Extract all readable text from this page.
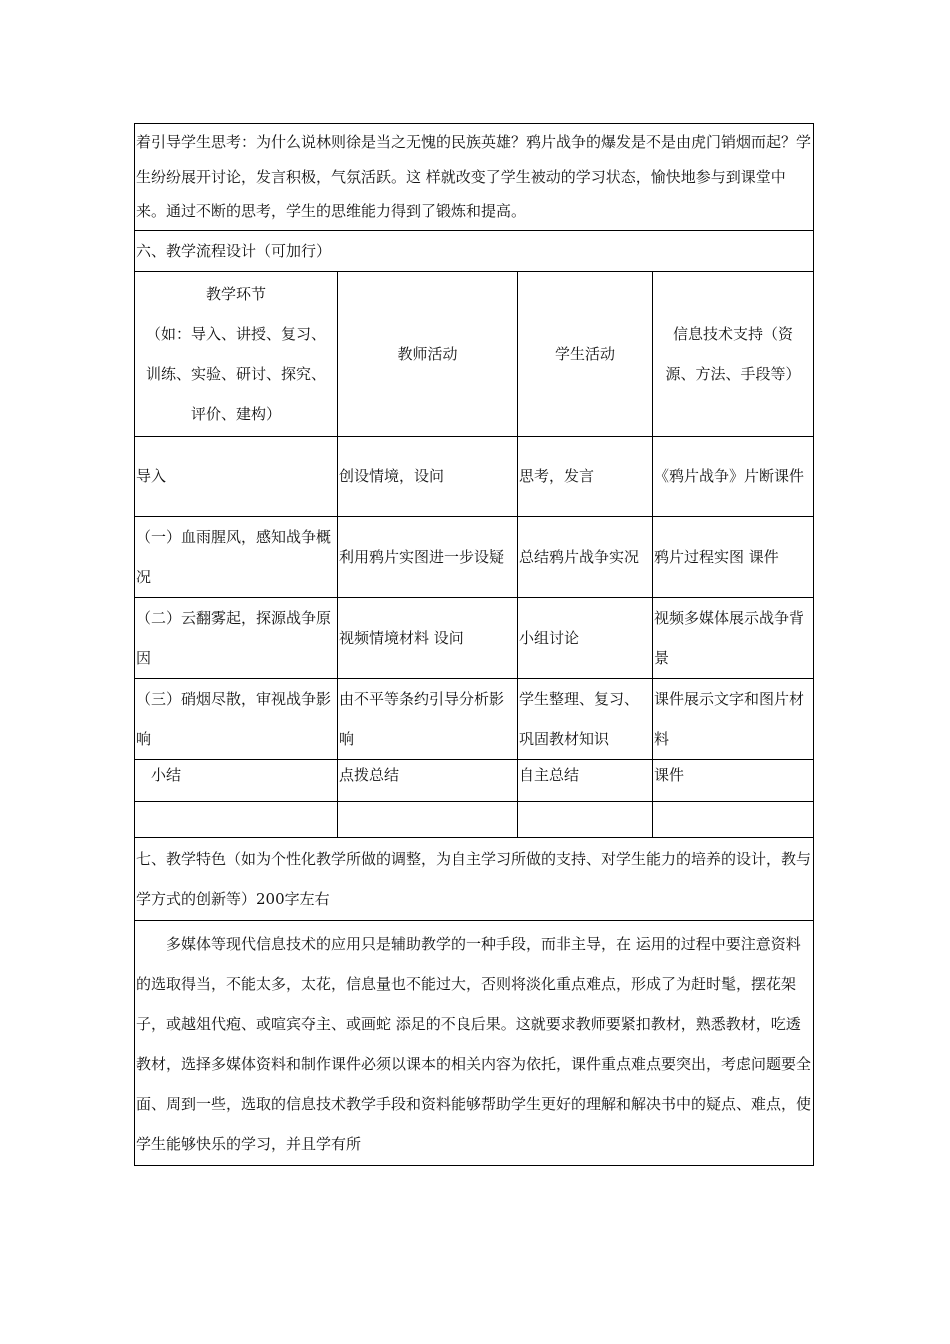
着引导学生思考：为什么说林则徐是当之无愧的民族英雄？鸦片战争的爆发是不是由虎门销烟而起？学生纷纷展开讨论，发言积极，气氛活跃。这 样就改变了学生被动的学习状态，愉快地参与到课堂中来。通过不断的思考，学生的思维能力得到了锻炼和提高。			
六、教学流程设计（可加行）			

教学环节
（如：导入、讲授、复习、
训练、实验、研讨、探究、
评价、建构）	教师活动	学生活动	信息技术支持（资源、方法、手段等）
导入	创设情境，设问	思考，发言	《鸦片战争》片断课件
（一）血雨腥风，感知战争概况	利用鸦片实图进一步设疑	总结鸦片战争实况	鸦片过程实图 课件
（二）云翻雾起，探源战争原因	视频情境材料 设问	小组讨论	视频多媒体展示战争背景
（三）硝烟尽散，审视战争影响	由不平等条约引导分析影响	学生整理、复习、巩固教材知识	课件展示文字和图片材料
小结	点拨总结	自主总结	课件

七、教学特色（如为个性化教学所做的调整，为自主学习所做的支持、对学生能力的培养的设计，教与学方式的创新等）200字左右			
多媒体等现代信息技术的应用只是辅助教学的一种手段，而非主导，在 运用的过程中要注意资料的选取得当，不能太多，太花，信息量也不能过大，否则将淡化重点难点，形成了为赶时髦，摆花架子，或越俎代疱、或喧宾夺主、或画蛇 添足的不良后果。这就要求教师要紧扣教材，熟悉教材，吃透教材，选择多媒体资料和制作课件必须以课本的相关内容为依托，课件重点难点要突出，考虑问题要全 面、周到一些，选取的信息技术教学手段和资料能够帮助学生更好的理解和解决书中的疑点、难点，使学生能够快乐的学习，并且学有所			
